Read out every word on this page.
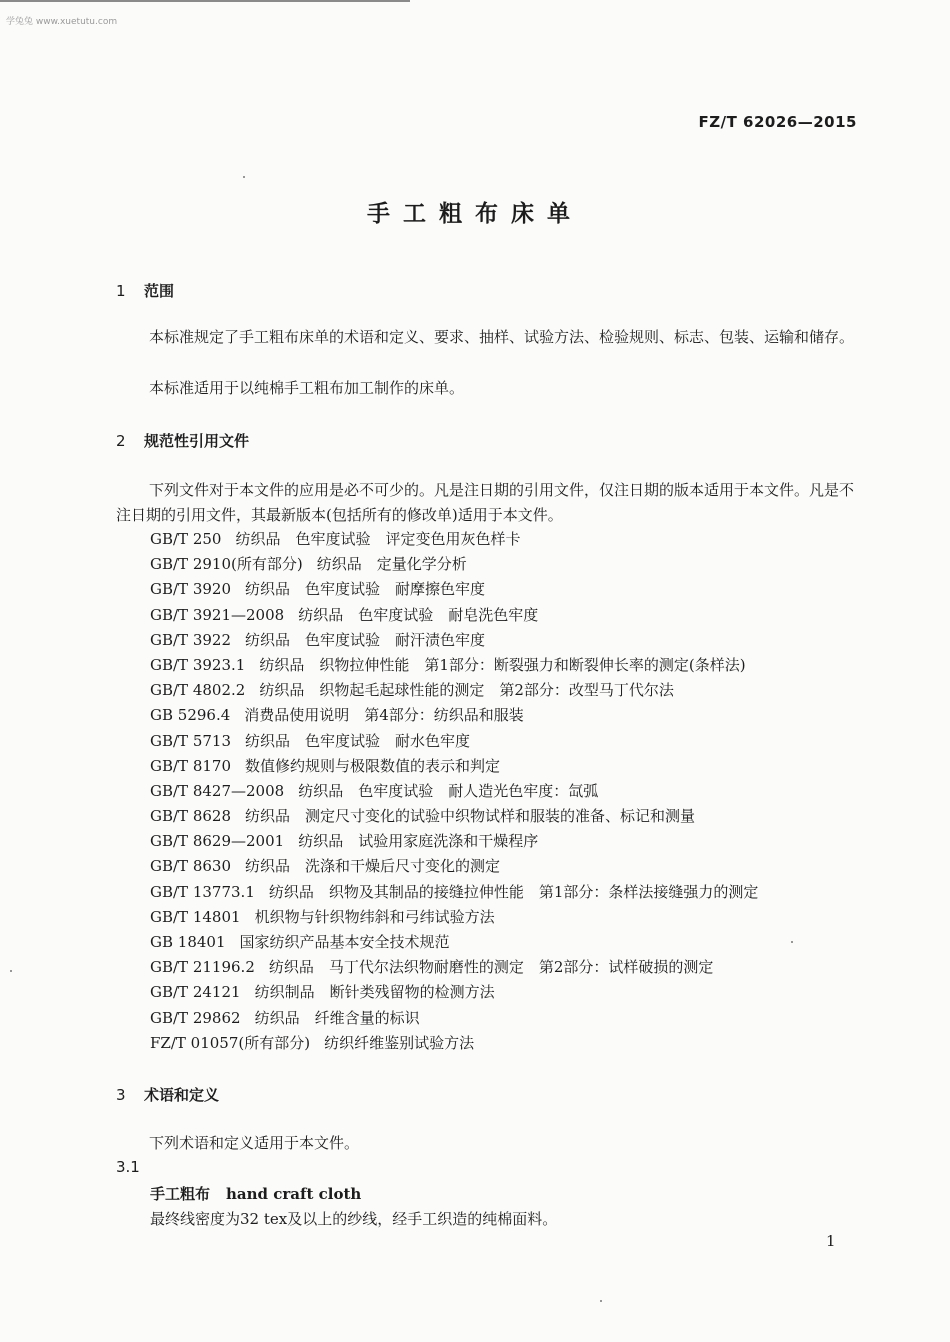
学兔兔 www.xuetutu.com
FZ/T 62026—2015
手工粗布床单
1 范围
本标准规定了手工粗布床单的术语和定义、要求、抽样、试验方法、检验规则、标志、包装、运输和储存。
本标准适用于以纯棉手工粗布加工制作的床单。
2 规范性引用文件
下列文件对于本文件的应用是必不可少的。凡是注日期的引用文件，仅注日期的版本适用于本文件。凡是不注日期的引用文件，其最新版本(包括所有的修改单)适用于本文件。
GB/T 250 纺织品　色牢度试验　评定变色用灰色样卡
GB/T 2910(所有部分) 纺织品　定量化学分析
GB/T 3920 纺织品　色牢度试验　耐摩擦色牢度
GB/T 3921—2008 纺织品　色牢度试验　耐皂洗色牢度
GB/T 3922 纺织品　色牢度试验　耐汗渍色牢度
GB/T 3923.1 纺织品　织物拉伸性能　第1部分：断裂强力和断裂伸长率的测定(条样法)
GB/T 4802.2 纺织品　织物起毛起球性能的测定　第2部分：改型马丁代尔法
GB 5296.4 消费品使用说明　第4部分：纺织品和服装
GB/T 5713 纺织品　色牢度试验　耐水色牢度
GB/T 8170 数值修约规则与极限数值的表示和判定
GB/T 8427—2008 纺织品　色牢度试验　耐人造光色牢度：氙弧
GB/T 8628 纺织品　测定尺寸变化的试验中织物试样和服装的准备、标记和测量
GB/T 8629—2001 纺织品　试验用家庭洗涤和干燥程序
GB/T 8630 纺织品　洗涤和干燥后尺寸变化的测定
GB/T 13773.1 纺织品　织物及其制品的接缝拉伸性能　第1部分：条样法接缝强力的测定
GB/T 14801 机织物与针织物纬斜和弓纬试验方法
GB 18401 国家纺织产品基本安全技术规范
GB/T 21196.2 纺织品　马丁代尔法织物耐磨性的测定　第2部分：试样破损的测定
GB/T 24121 纺织制品　断针类残留物的检测方法
GB/T 29862 纺织品　纤维含量的标识
FZ/T 01057(所有部分) 纺织纤维鉴别试验方法
3 术语和定义
下列术语和定义适用于本文件。
3.1
手工粗布 hand craft cloth
最终线密度为32 tex及以上的纱线，经手工织造的纯棉面料。
1
